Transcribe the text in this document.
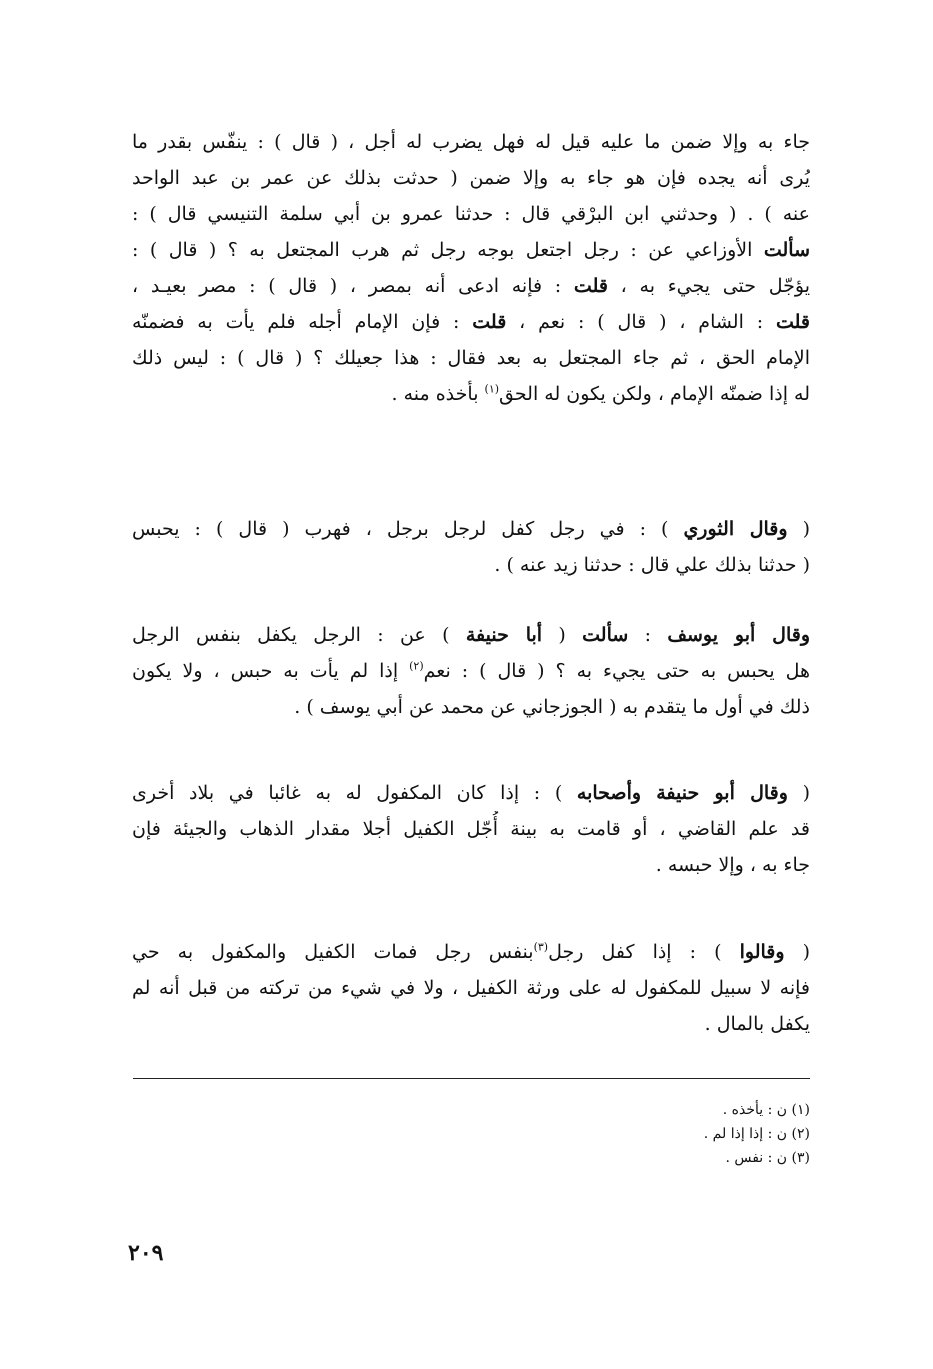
جاء به وإلا ضمن ما عليه قيل له فهل يضرب له أجل ، ( قال ) : ينفّس بقدر ما
يُرى أنه يجده فإن هو جاء به وإلا ضمن ( حدثت بذلك عن عمر بن عبد الواحد
عنه ) . ( وحدثني ابن البرْقي قال : حدثنا عمرو بن أبي سلمة التنيسي قال ) :
سألت الأوزاعي عن : رجل اجتعل بوجه رجل ثم هرب المجتعل به ؟ ( قال ) :
يؤجّل حتى يجيء به ، قلت : فإنه ادعى أنه بمصر ، ( قال ) : مصر بعيـد ،
قلت : الشام ، ( قال ) : نعم ، قلت : فإن الإمام أجله فلم يأت به فضمنّه
الإمام الحق ، ثم جاء المجتعل به بعد فقال : هذا جعيلك ؟ ( قال ) : ليس ذلك
له إذا ضمنّه الإمام ، ولكن يكون له الحق$^{(١)}$ بأخذه منه .
( وقال الثوري ) : في رجل كفل لرجل برجل ، فهرب ( قال ) : يحبس
( حدثنا بذلك علي قال : حدثنا زيد عنه ) .
وقال أبو يوسف : سألت ( أبا حنيفة ) عن : الرجل يكفل بنفس الرجل
هل يحبس به حتى يجيء به ؟ ( قال ) : نعم$^{(٢)}$ إذا لم يأت به حبس ، ولا يكون
ذلك في أول ما يتقدم به ( الجوزجاني عن محمد عن أبي يوسف ) .
( وقال أبو حنيفة وأصحابه ) : إذا كان المكفول له به غائبا في بلاد أخرى
قد علم القاضي ، أو قامت به بينة أُجّل الكفيل أجلا مقدار الذهاب والجيئة فإن
جاء به ، وإلا حبسه .
( وقالوا ) : إذا كفل رجل$^{(٣)}$بنفس رجل فمات الكفيل والمكفول به حي
فإنه لا سبيل للمكفول له على ورثة الكفيل ، ولا في شيء من تركته من قبل أنه لم
يكفل بالمال .
(١) ن : يأخذه .
(٢) ن : إذا إذا لم .
(٣) ن : نفس .
٢٠٩
